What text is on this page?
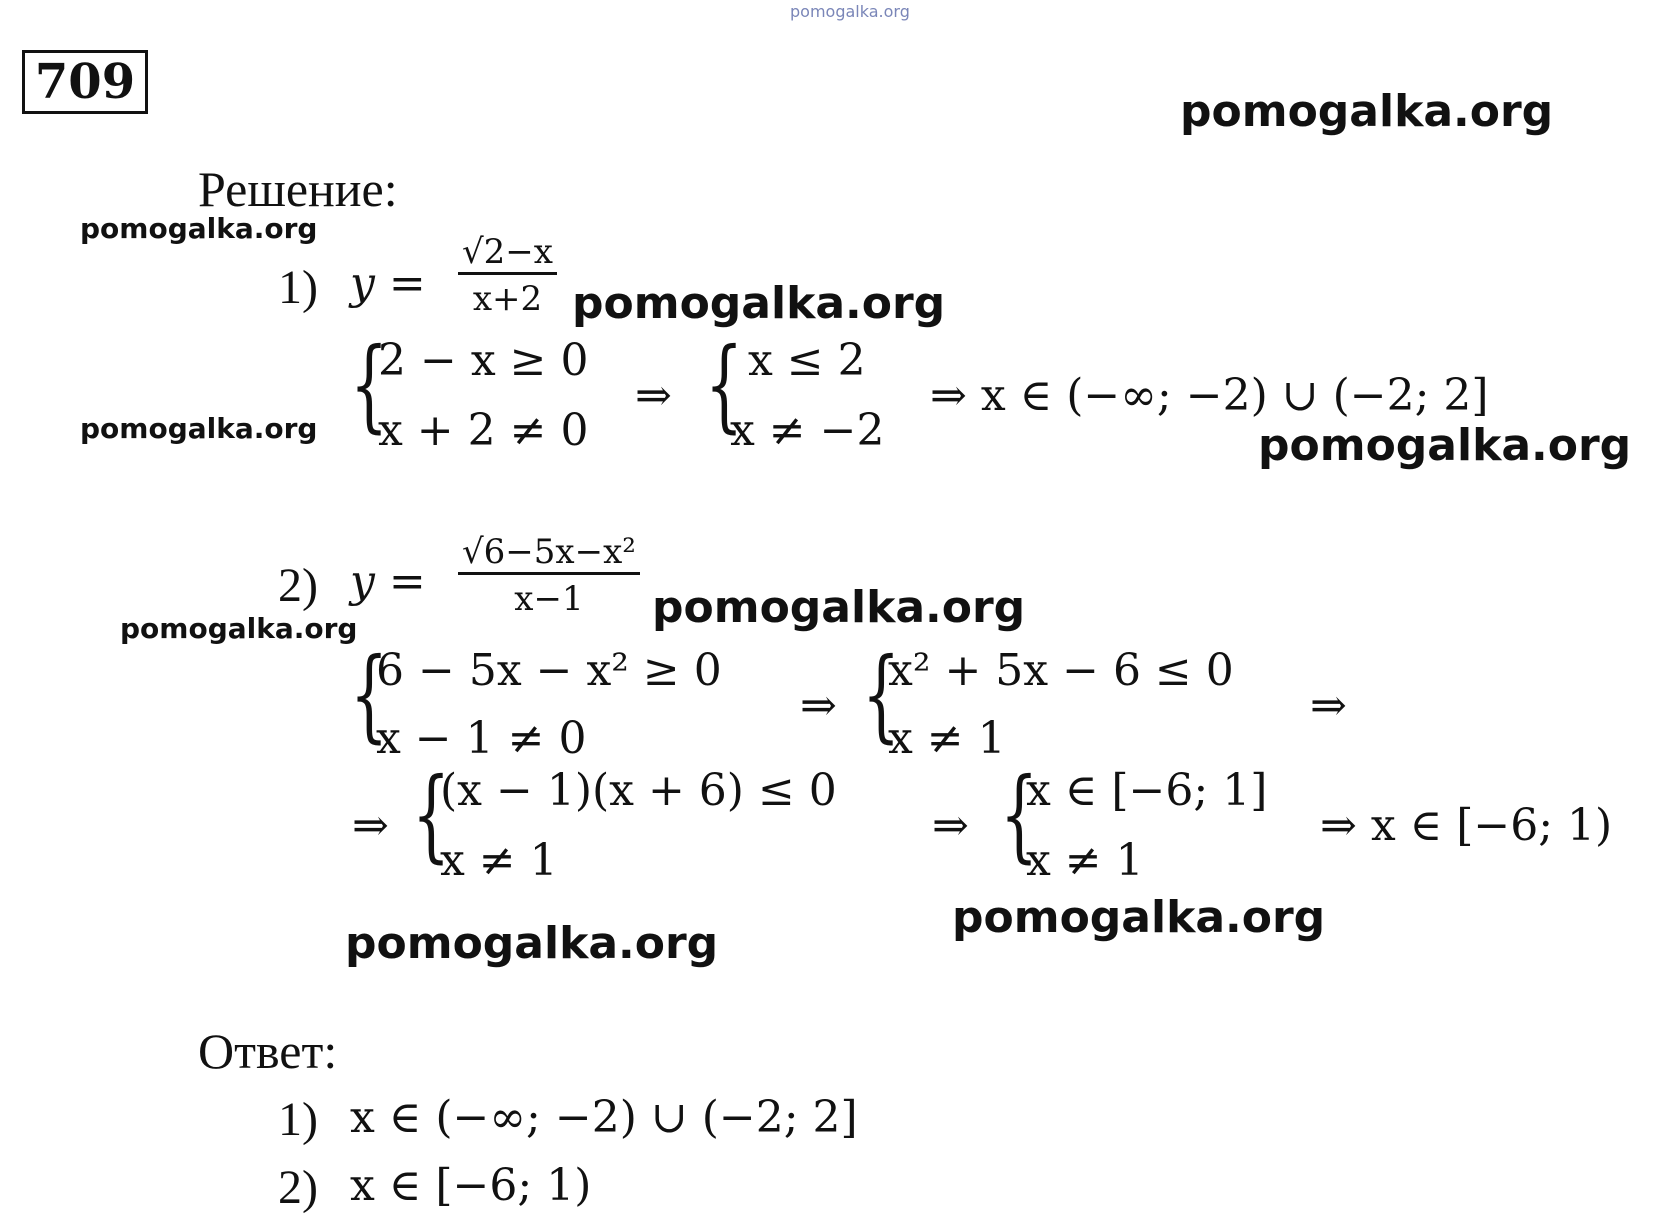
pomogalka.org
709
pomogalka.org
Решение:
pomogalka.org
1) $y = \frac{√2-x}{x+2}$ pomogalka.org
{
2 − x ≥ 0
x + 2 ≠ 0
⇒ { x ≤ 2
x ≠ −2
⇒ x ∈ (−∞; −2) ∪ (−2; 2]
pomogalka.org	pomogalka.org
2) $y = \frac{\text{√6−5x−x²}}{x-1}$ pomogalka.org
pomogalka.org
{
6 − 5x − x² ≥ 0
x − 1 ≠ 0
⇒ {
x² + 5x − 6 ≤ 0
x ≠ 1
⇒
⇒ {
(x − 1)(x + 6) ≤ 0
x ≠ 1
⇒ {
x ∈ [−6; 1]
x ≠ 1
⇒ x ∈ [−6; 1)
pomogalka.org
pomogalka.org
Ответ:
1) x ∈ (−∞; −2) ∪ (−2; 2]
2) x ∈ [−6; 1)
